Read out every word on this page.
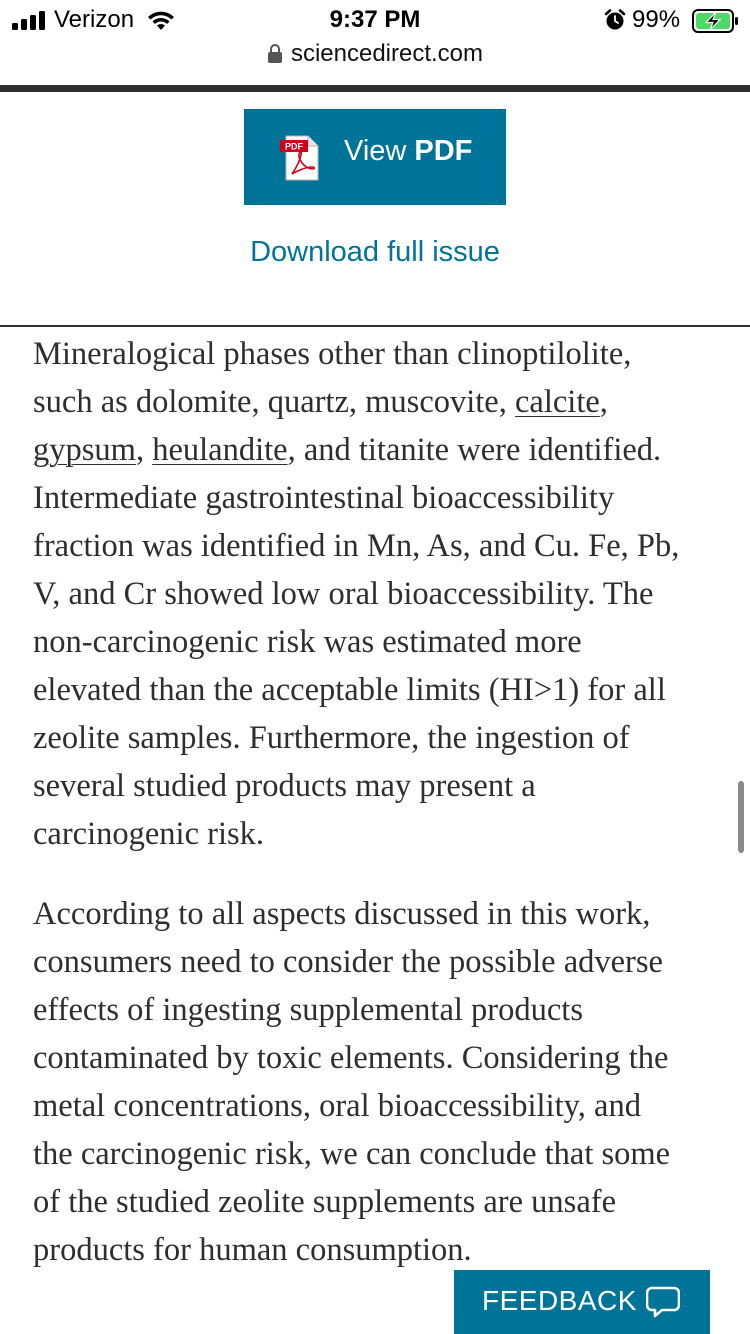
Verizon	9:37 PM	99%
sciencedirect.com
PDF View PDF
Download full issue

Mineralogical phases other than clinoptilolite,
such as dolomite, quartz, muscovite, calcite,
gypsum, heulandite, and titanite were identified.
Intermediate gastrointestinal bioaccessibility
fraction was identified in Mn, As, and Cu. Fe, Pb,
V, and Cr showed low oral bioaccessibility. The
non-carcinogenic risk was estimated more
elevated than the acceptable limits (HI>1) for all
zeolite samples. Furthermore, the ingestion of
several studied products may present a
carcinogenic risk.

According to all aspects discussed in this work,
consumers need to consider the possible adverse
effects of ingesting supplemental products
contaminated by toxic elements. Considering the
metal concentrations, oral bioaccessibility, and
the carcinogenic risk, we can conclude that some
of the studied zeolite supplements are unsafe
products for human consumption.

FEEDBACK
